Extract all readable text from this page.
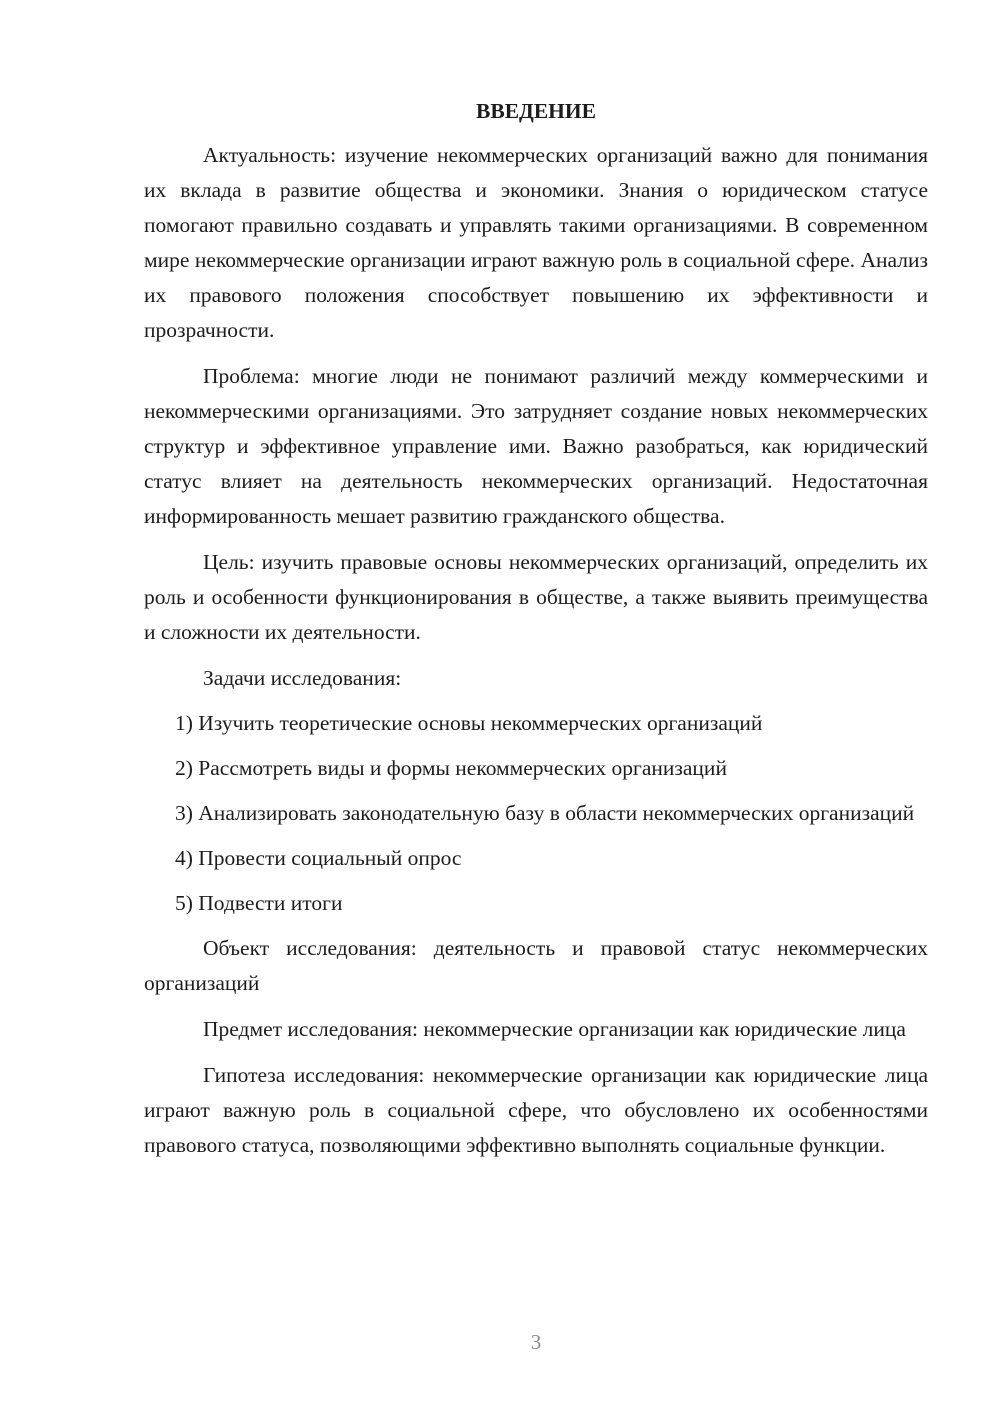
ВВЕДЕНИЕ

Актуальность: изучение некоммерческих организаций важно для понимания их вклада в развитие общества и экономики. Знания о юридическом статусе помогают правильно создавать и управлять такими организациями. В современном мире некоммерческие организации играют важную роль в социальной сфере. Анализ их правового положения способствует повышению их эффективности и прозрачности.

Проблема: многие люди не понимают различий между коммерческими и некоммерческими организациями. Это затрудняет создание новых некоммерческих структур и эффективное управление ими. Важно разобраться, как юридический статус влияет на деятельность некоммерческих организаций. Недостаточная информированность мешает развитию гражданского общества.

Цель: изучить правовые основы некоммерческих организаций, определить их роль и особенности функционирования в обществе, а также выявить преимущества и сложности их деятельности.

Задачи исследования:

1) Изучить теоретические основы некоммерческих организаций

2) Рассмотреть виды и формы некоммерческих организаций

3) Анализировать законодательную базу в области некоммерческих организаций

4) Провести социальный опрос

5) Подвести итоги

Объект исследования: деятельность и правовой статус некоммерческих организаций

Предмет исследования: некоммерческие организации как юридические лица

Гипотеза исследования: некоммерческие организации как юридические лица играют важную роль в социальной сфере, что обусловлено их особенностями правового статуса, позволяющими эффективно выполнять социальные функции.

3
